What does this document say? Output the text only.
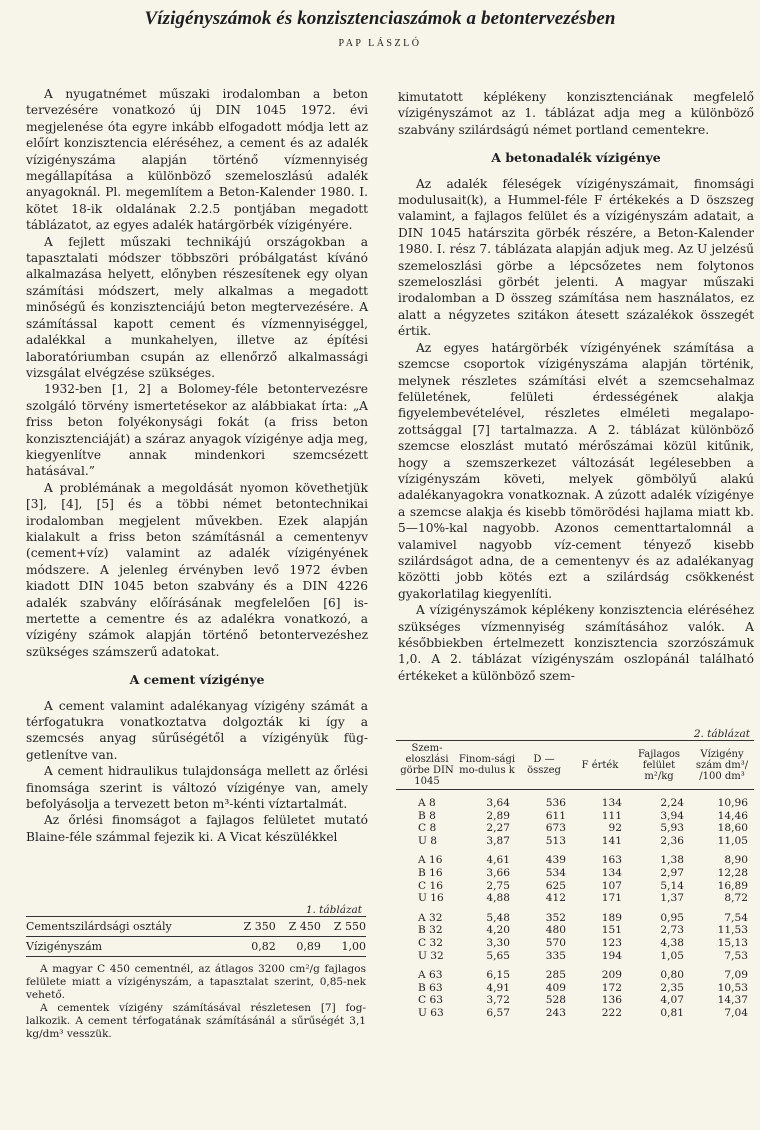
Vízigényszámok és konzisztenciaszámok a betontervezésben
PAP LÁSZLÓ

A nyugatnémet műszaki irodalomban a beton tervezésére vonatkozó új DIN 1045 1972. évi megjelenése óta egyre inkább elfogadott módja lett az előírt konzisztencia eléréséhez, a cement és az adalék vízigényszáma alapján történő vízmennyiség megállapítása a különböző szemeloszlású adalék anyagoknál. Pl. megemlítem a Beton-Kalender 1980. I. kötet 18-ik oldalának 2.2.5 pontjában megadott táblázatot, az egyes adalék határgörbék vízigényére.

A fejlett műszaki technikájú országokban a tapasztalati módszer többszöri próbálgatást kívánó alkalmazása helyett, előnyben részesítenek egy olyan számítási módszert, mely alkalmas a megadott minőségű és konzisztenciájú beton megtervezésére. A számítással kapott cement és vízmennyiséggel, adalékkal a munkahelyen, illetve az építési laboratóriumban csupán az ellenőrző alkalmassági vizsgálat elvégzése szükséges.

1932-ben [1, 2] a Bolomey-féle betontervezésre szolgáló törvény ismertetésekor az alábbiakat írta: „A friss beton folyékonysági fokát (a friss beton konzisztenciáját) a száraz anyagok vízigénye adja meg, kiegyenlítve annak mindenkori szemcsézett hatásával.”

A problémának a megoldását nyomon követhetjük [3], [4], [5] és a többi német betontechnikai irodalomban megjelent művekben. Ezek alapján kialakult a friss beton számításnál a cementenyv (cement+víz) valamint az adalék vízigényének módszere. A jelenleg érvényben levő 1972 évben kiadott DIN 1045 beton szabvány és a DIN 4226 adalék szabvány előírásának megfelelően [6] ismertette a cementre és az adalékra vonatkozó, a vízigény számok alapján történő betontervezéshez szükséges számszerű adatokat.

A cement vízigénye

A cement valamint adalékanyag vízigény számát a térfogatukra vonatkoztatva dolgozták ki így a szemcsés anyag sűrűségétől a vízigényük függetlenítve van.

A cement hidraulikus tulajdonsága mellett az őrlési finomsága szerint is változó vízigénye van, amely befolyásolja a tervezett beton m³-kénti víztartalmát.

Az őrlési finomságot a fajlagos felületet mutató Blaine-féle számmal fejezik ki. A Vicat készülékkel

1. táblázat
Cementszilárdsági osztály	Z 350	Z 450	Z 550
Vízigényszám	0,82	0,89	1,00

A magyar C 450 cementnél, az átlagos 3200 cm²/g fajlagos felülete miatt a vízigényszám, a tapasztalat szerint, 0,85-nek vehető.

A cementek vízigény számításával részletesen [7] foglalkozik. A cement térfogatának számításánál a sűrűségét 3,1 kg/dm³ vesszük.

kimutatott képlékeny konzisztenciának megfelelő vízigényszámot az 1. táblázat adja meg a különböző szabvány szilárdságú német portland cementekre.

A betonadalék vízigénye

Az adalék féleségek vízigényszámait, finomsági modulusait(k), a Hummel-féle F értékekés a D öszszeg valamint, a fajlagos felület és a vízigényszám adatait, a DIN 1045 határszita görbék részére, a Beton-Kalender 1980. I. rész 7. táblázata alapján adjuk meg. Az U jelzésű szemeloszlási görbe a lépcsőzetes nem folytonos szemeloszlási görbét jelenti. A magyar műszaki irodalomban a D összeg számítása nem használatos, ez alatt a négyzetes szitákon átesett százalékok összegét értik.

Az egyes határgörbék vízigényének számítása a szemcse csoportok vízigényszáma alapján történik, melynek részletes számítási elvét a szemcsehalmaz felületének, felületi érdességének alakja figyelembevételével, részletes elméleti megalapozottsággal [7] tartalmazza. A 2. táblázat különböző szemcse eloszlást mutató mérőszámai közül kitűnik, hogy a szemszerkezet változását legélesebben a vízigényszám követi, melyek gömbölyű alakú adalékanyagokra vonatkoznak. A zúzott adalék vízigénye a szemcse alakja és kisebb tömörödési hajlama miatt kb. 5—10%-kal nagyobb. Azonos cementtartalomnál a valamivel nagyobb víz-cement tényező kisebb szilárdságot adna, de a cementenyv és az adalékanyag közötti jobb kötés ezt a szilárdság csökkenést gyakorlatilag kiegyenlíti.

A vízigényszámok képlékeny konzisztencia eléréséhez szükséges vízmennyiség számításához valók. A későbbiekben értelmezett konzisztencia szorzószámuk 1,0. A 2. táblázat vízigényszám oszlopánál található értékeket a különböző szem-

2. táblázat
Szem-eloszlási görbe DIN 1045	Finom-sági mo-dulus k	D — összeg	F érték	Fajlagos felület m²/kg	Vízigény szám dm³/ /100 dm³

A 8	3,64	536	134	2,24	10,96
B 8	2,89	611	111	3,94	14,46
C 8	2,27	673	92	5,93	18,60
U 8	3,87	513	141	2,36	11,05

A 16	4,61	439	163	1,38	8,90
B 16	3,66	534	134	2,97	12,28
C 16	2,75	625	107	5,14	16,89
U 16	4,88	412	171	1,37	8,72

A 32	5,48	352	189	0,95	7,54
B 32	4,20	480	151	2,73	11,53
C 32	3,30	570	123	4,38	15,13
U 32	5,65	335	194	1,05	7,53

A 63	6,15	285	209	0,80	7,09
B 63	4,91	409	172	2,35	10,53
C 63	3,72	528	136	4,07	14,37
U 63	6,57	243	222	0,81	7,04
